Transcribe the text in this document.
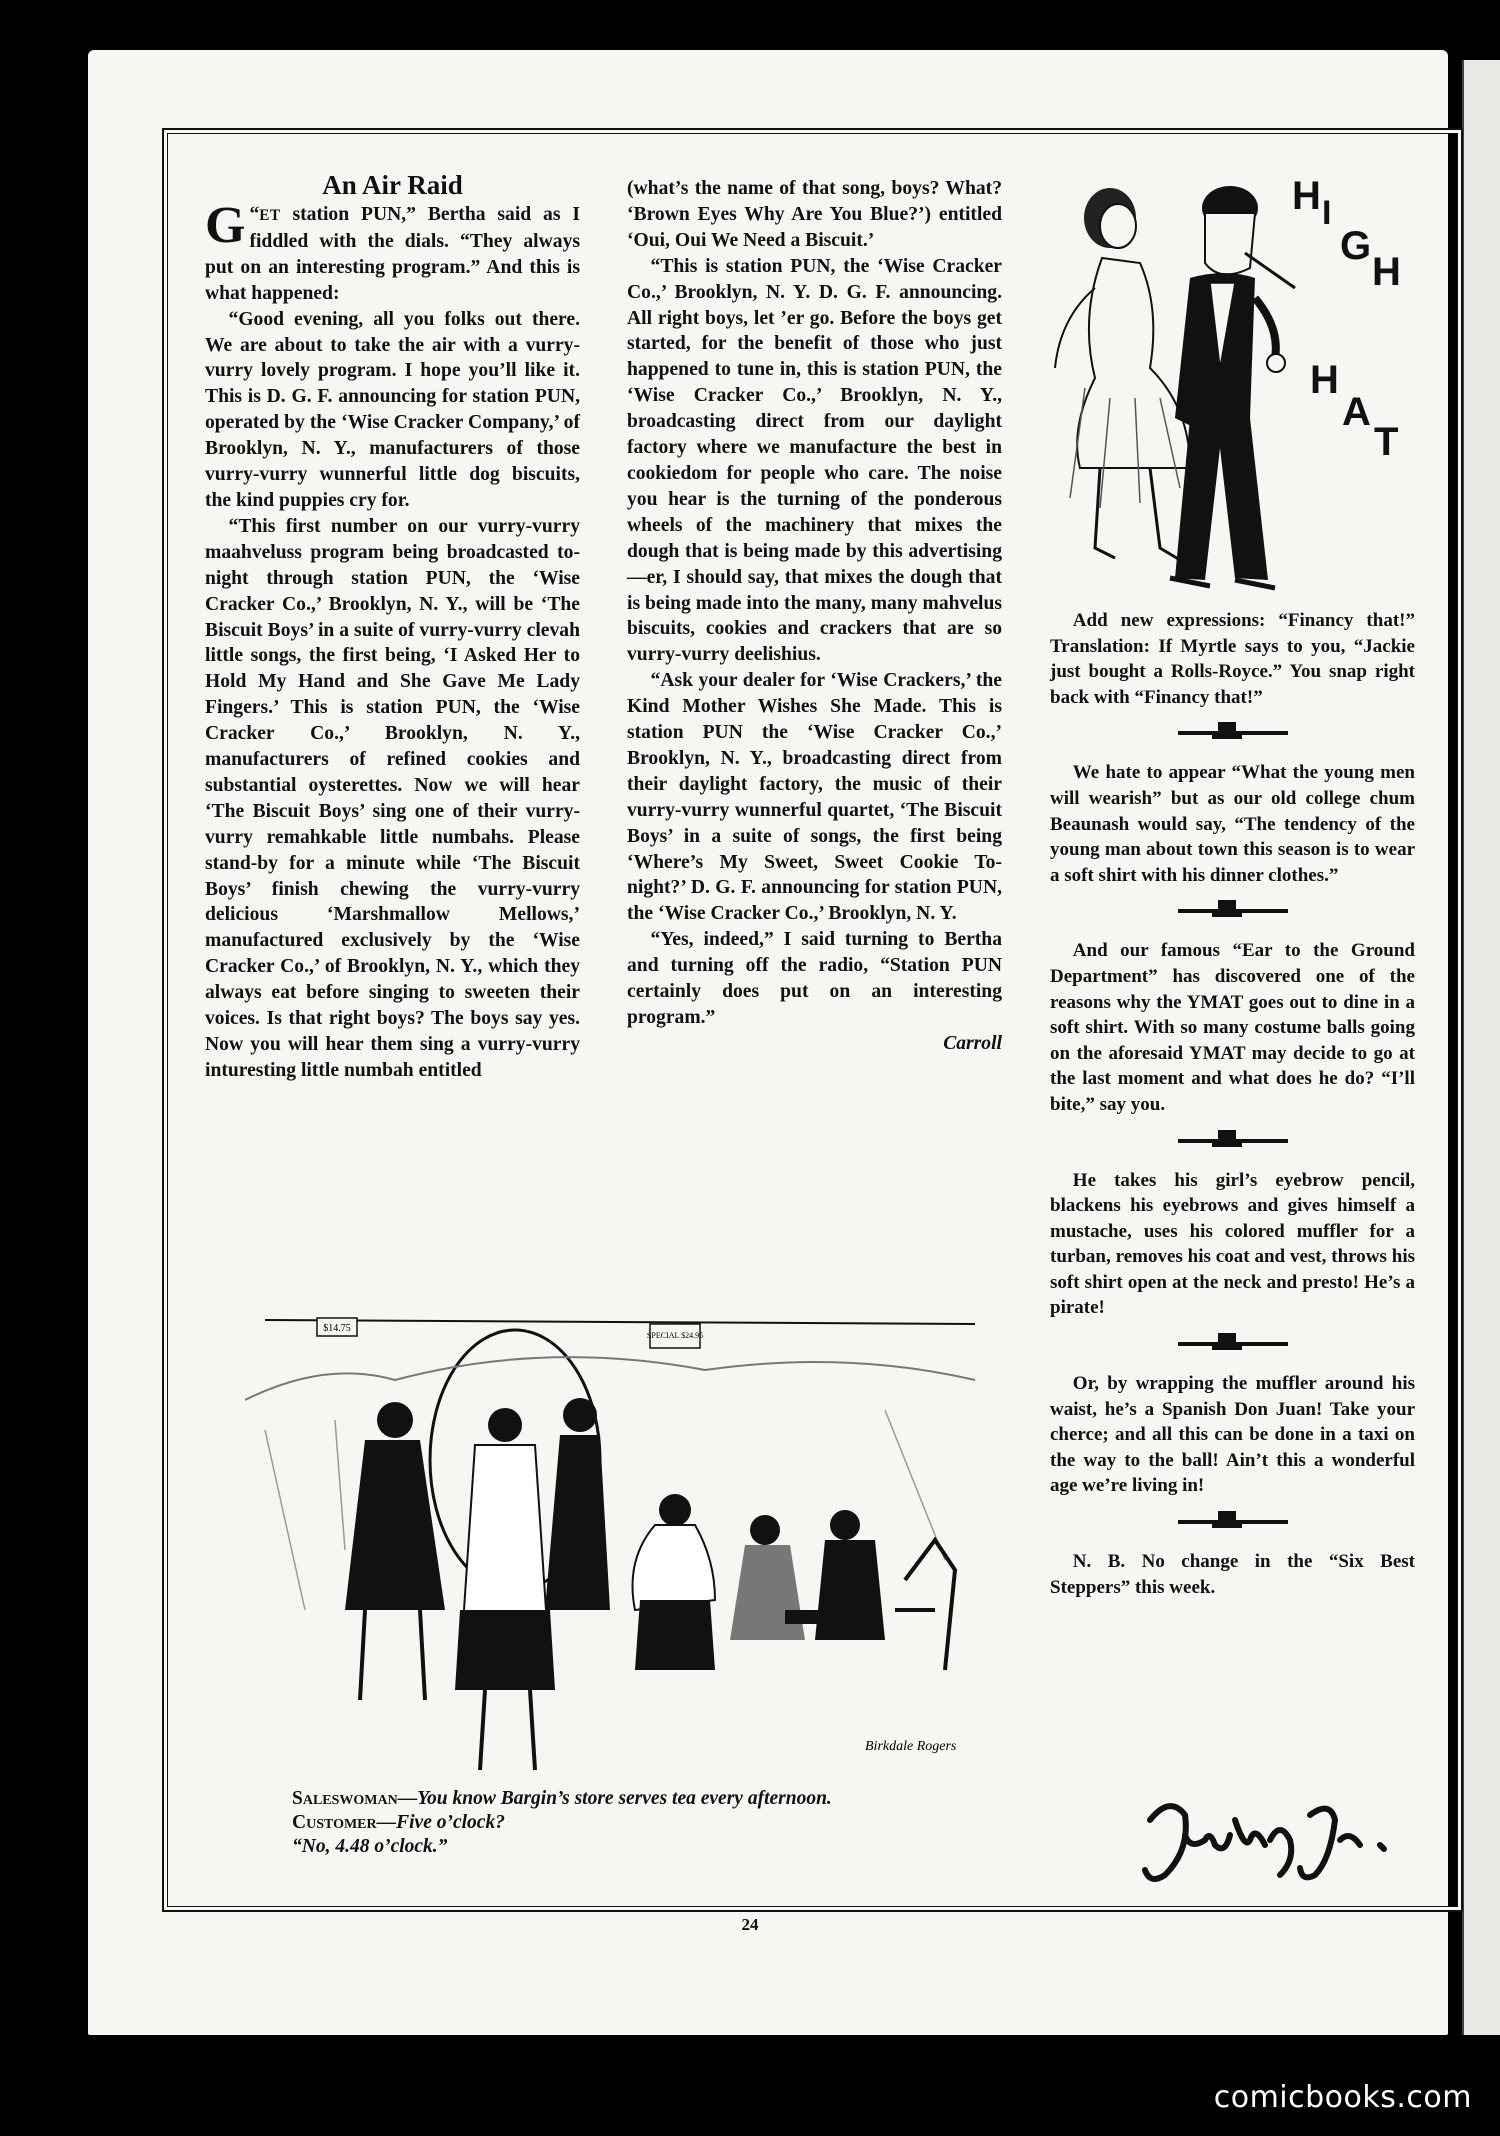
An Air Raid

“
G ET station PUN,” Bertha said as I fiddled with the dials. “They always put on an interesting program.” And this is what happened:

“Good evening, all you folks out there. We are about to take the air with a vurry-vurry lovely program. I hope you’ll like it. This is D. G. F. announcing for station PUN, operated by the ‘Wise Cracker Company,’ of Brooklyn, N. Y., manufacturers of those vurry-vurry wunnerful little dog biscuits, the kind puppies cry for.

“This first number on our vurry-vurry maahveluss program being broadcasted to-night through station PUN, the ‘Wise Cracker Co.,’ Brooklyn, N. Y., will be ‘The Biscuit Boys’ in a suite of vurry-vurry clevah little songs, the first being, ‘I Asked Her to Hold My Hand and She Gave Me Lady Fingers.’ This is station PUN, the ‘Wise Cracker Co.,’ Brooklyn, N. Y., manufacturers of refined cookies and substantial oysterettes. Now we will hear ‘The Biscuit Boys’ sing one of their vurry-vurry remahkable little numbahs. Please stand-by for a minute while ‘The Biscuit Boys’ finish chewing the vurry-vurry delicious ‘Marshmallow Mellows,’ manufactured exclusively by the ‘Wise Cracker Co.,’ of Brooklyn, N. Y., which they always eat before singing to sweeten their voices. Is that right boys? The boys say yes. Now you will hear them sing a vurry-vurry inturesting little numbah entitled

(what’s the name of that song, boys? What? ‘Brown Eyes Why Are You Blue?’) entitled ‘Oui, Oui We Need a Biscuit.’

“This is station PUN, the ‘Wise Cracker Co.,’ Brooklyn, N. Y. D. G. F. announcing. All right boys, let ’er go. Before the boys get started, for the benefit of those who just happened to tune in, this is station PUN, the ‘Wise Cracker Co.,’ Brooklyn, N. Y., broadcasting direct from our daylight factory where we manufacture the best in cookiedom for people who care. The noise you hear is the turning of the ponderous wheels of the machinery that mixes the dough that is being made by this advertising—er, I should say, that mixes the dough that is being made into the many, many mahvelus biscuits, cookies and crackers that are so vurry-vurry deelishius.

“Ask your dealer for ‘Wise Crackers,’ the Kind Mother Wishes She Made. This is station PUN the ‘Wise Cracker Co.,’ Brooklyn, N. Y., broadcasting direct from their daylight factory, the music of their vurry-vurry wunnerful quartet, ‘The Biscuit Boys’ in a suite of songs, the first being ‘Where’s My Sweet, Sweet Cookie To-night?’ D. G. F. announcing for station PUN, the ‘Wise Cracker Co.,’ Brooklyn, N. Y.

“Yes, indeed,” I said turning to Bertha and turning off the radio, “Station PUN certainly does put on an interesting program.”

Carroll

H I
G
H
H
A
T

Add new expressions: “Financy that!” Translation: If Myrtle says to you, “Jackie just bought a Rolls-Royce.” You snap right back with “Financy that!”

We hate to appear “What the young men will wearish” but as our old college chum Beaunash would say, “The tendency of the young man about town this season is to wear a soft shirt with his dinner clothes.”

And our famous “Ear to the Ground Department” has discovered one of the reasons why the YMAT goes out to dine in a soft shirt. With so many costume balls going on the aforesaid YMAT may decide to go at the last moment and what does he do? “I’ll bite,” say you.

He takes his girl’s eyebrow pencil, blackens his eyebrows and gives himself a mustache, uses his colored muffler for a turban, removes his coat and vest, throws his soft shirt open at the neck and presto! He’s a pirate!

Or, by wrapping the muffler around his waist, he’s a Spanish Don Juan! Take your cherce; and all this can be done in a taxi on the way to the ball! Ain’t this a wonderful age we’re living in!

N. B. No change in the “Six Best Steppers” this week.

$14.75
SPECIAL $24.95
Birkdale Rogers
Saleswoman—You know Bargin’s store serves tea every afternoon.
Customer—Five o’clock?
“No, 4.48 o’clock.”
24
comicbooks.com
